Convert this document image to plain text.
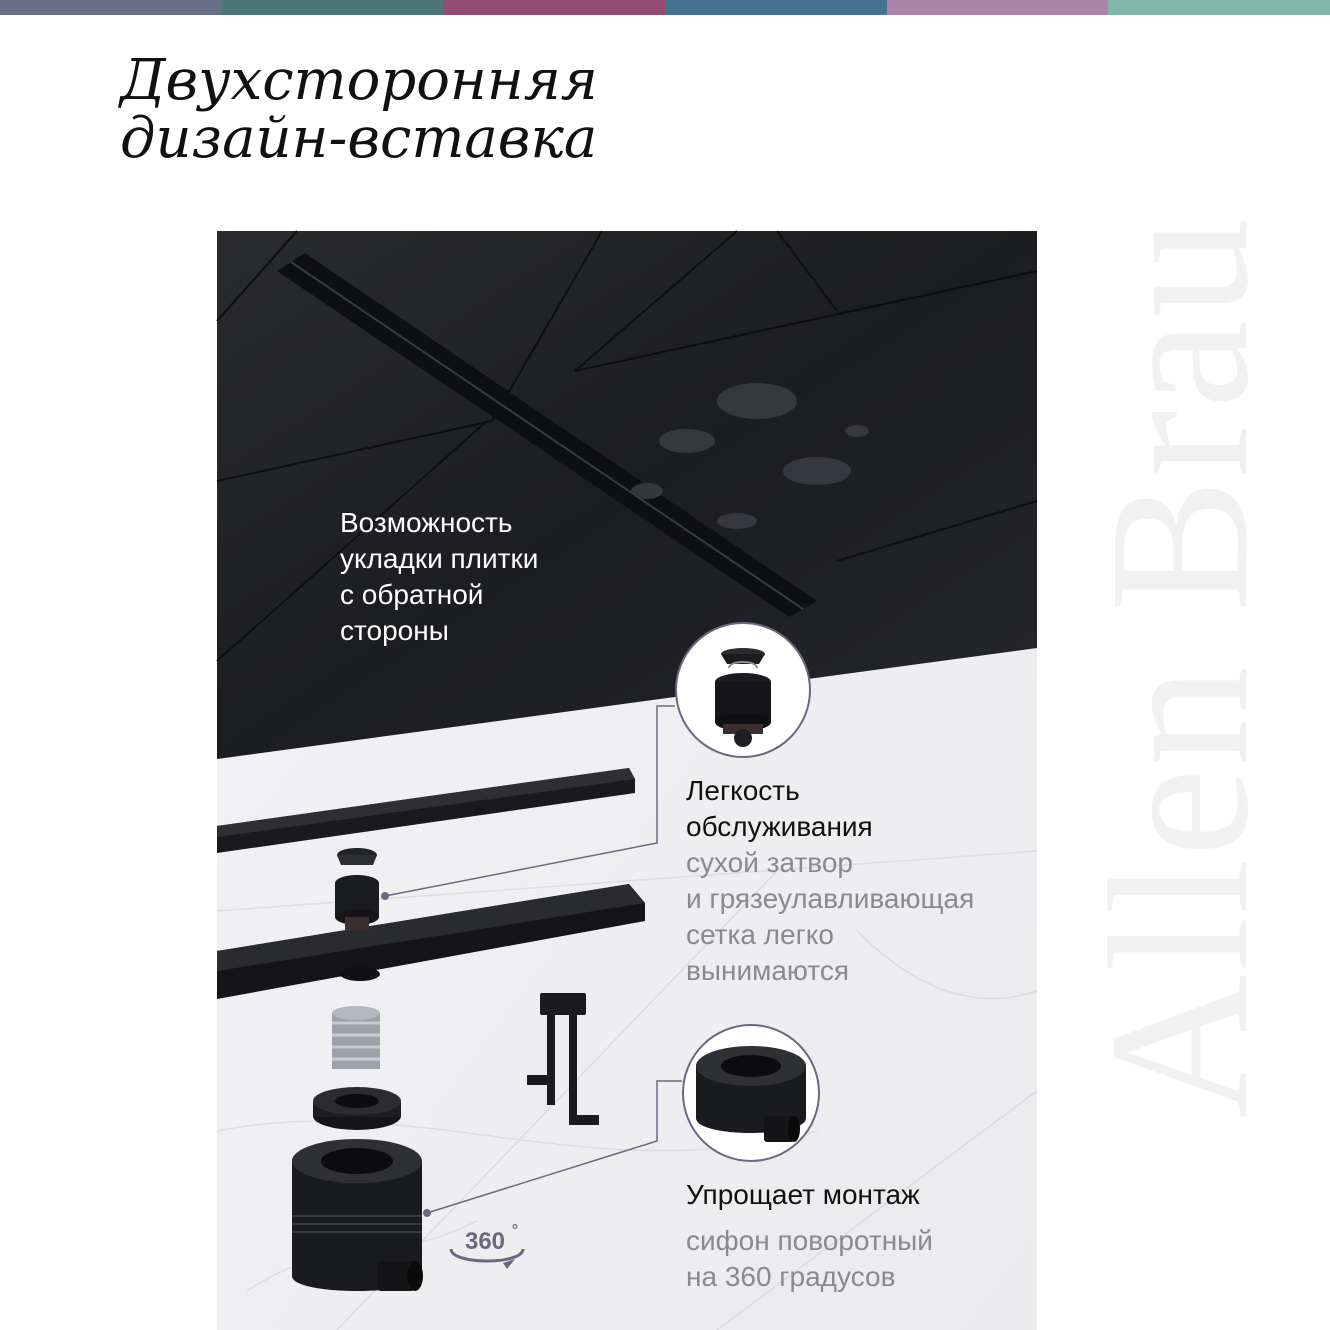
Двухсторонняя
дизайн-вставка
Allen Brau

Возможность
укладки плитки
с обратной
стороны

Легкость
обслуживания
сухой затвор
и грязеулавливающая
сетка легко
вынимаются

Упрощает монтаж
сифон поворотный
на 360 градусов

360 °
